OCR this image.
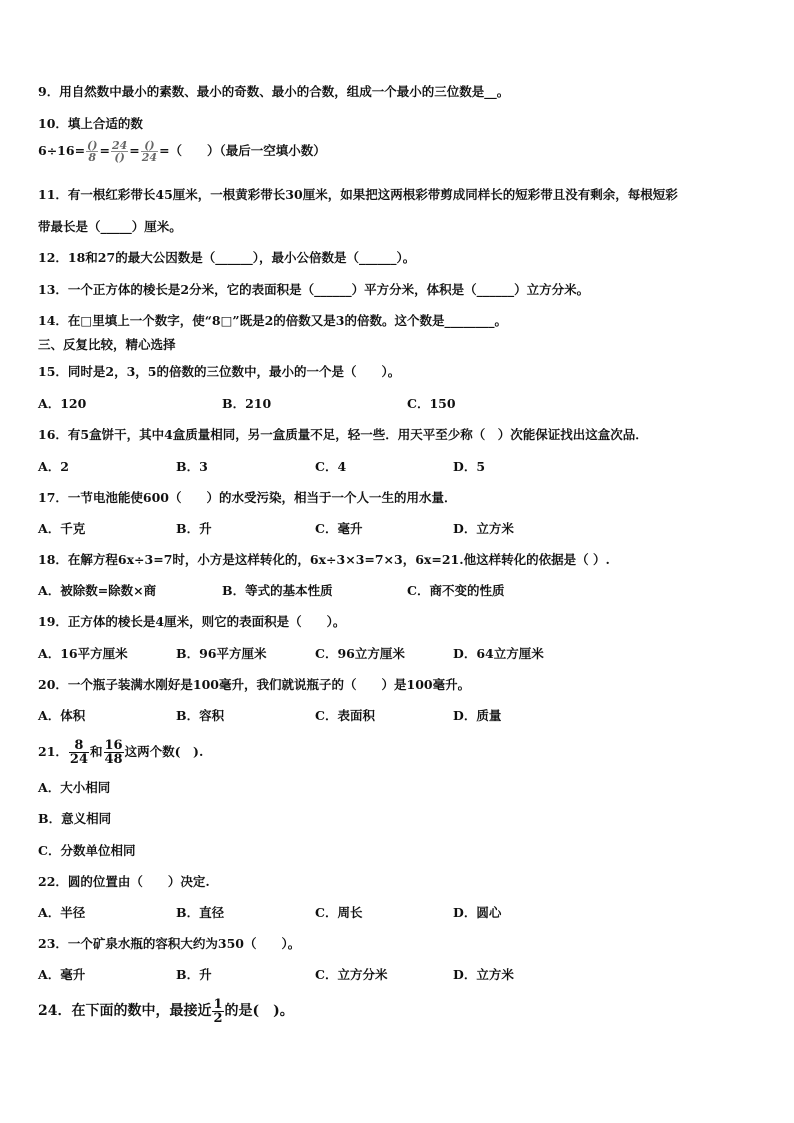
9．用自然数中最小的素数、最小的奇数、最小的合数，组成一个最小的三位数是__。
10．填上合适的数
$6\div 16= \frac{()}{8} = \frac{24}{()} = \frac{()}{24}$ =（　　）（最后一空填小数）
11．有一根红彩带长45厘米，一根黄彩带长30厘米，如果把这两根彩带剪成同样长的短彩带且没有剩余，每根短彩
带最长是（_____）厘米。
12．18和27的最大公因数是（______），最小公倍数是（______）。
13．一个正方体的棱长是2分米，它的表面积是（______）平方分米，体积是（______）立方分米。
14．在□里填上一个数字，使“8□”既是2的倍数又是3的倍数。这个数是________。
三、反复比较，精心选择
15．同时是2，3，5的倍数的三位数中，最小的一个是（　　）。
A．120	B．210	C．150
16．有5盒饼干，其中4盒质量相同，另一盒质量不足，轻一些．用天平至少称（　）次能保证找出这盒次品．
A．2	B．3	C．4	D．5
17．一节电池能使600（　　）的水受污染，相当于一个人一生的用水量．
A．千克	B．升	C．毫升	D．立方米
18．在解方程6x÷3=7时，小方是这样转化的，6x÷3×3=7×3，6x=21.他这样转化的依据是（ ）.
A．被除数=除数×商	B．等式的基本性质	C．商不变的性质
19．正方体的棱长是4厘米，则它的表面积是（　　）。
A．16平方厘米	B．96平方厘米	C．96立方厘米	D．64立方厘米
20．一个瓶子装满水刚好是100毫升，我们就说瓶子的（　　）是100毫升。
A．体积	B．容积	C．表面积	D．质量
21． $\frac{8}{24}$ 和 $\frac{16}{48}$ 这两个数(　).
A．大小相同
B．意义相同
C．分数单位相同
22．圆的位置由（　　）决定.
A．半径	B．直径	C．周长	D．圆心
23．一个矿泉水瓶的容积大约为350（　　）。
A．毫升	B．升	C．立方分米	D．立方米
24．在下面的数中，最接近 $\frac{1}{2}$ 的是(　)。
